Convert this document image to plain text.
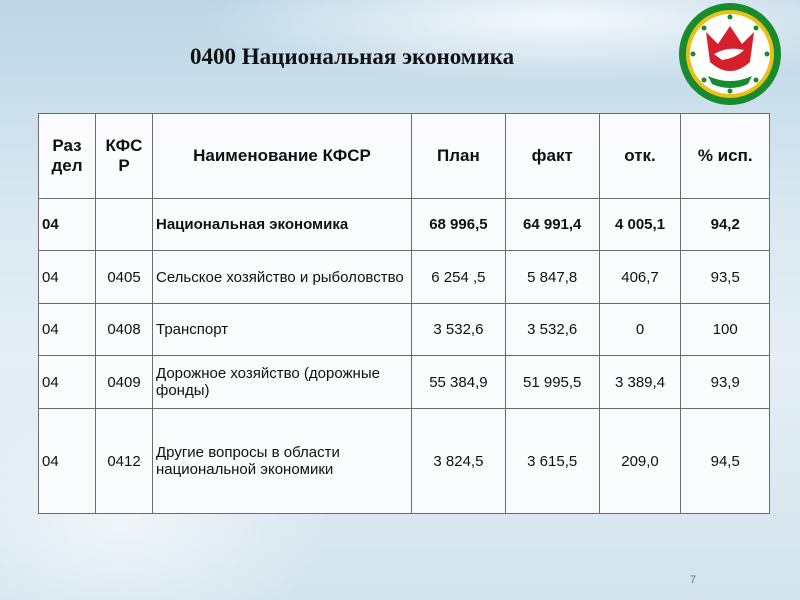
0400 Национальная экономика
Раз дел	КФС Р	Наименование КФСР	План	факт	отк.	% исп.
04		Национальная экономика	68 996,5	64 991,4	4 005,1	94,2
04	0405	Сельское хозяйство и рыболовство	6 254 ,5	5 847,8	406,7	93,5
04	0408	Транспорт	3 532,6	3 532,6	0	100
04	0409	Дорожное хозяйство (дорожные фонды)	55 384,9	51 995,5	3 389,4	93,9
04	0412	Другие вопросы в области национальной экономики	3 824,5	3 615,5	209,0	94,5
7
